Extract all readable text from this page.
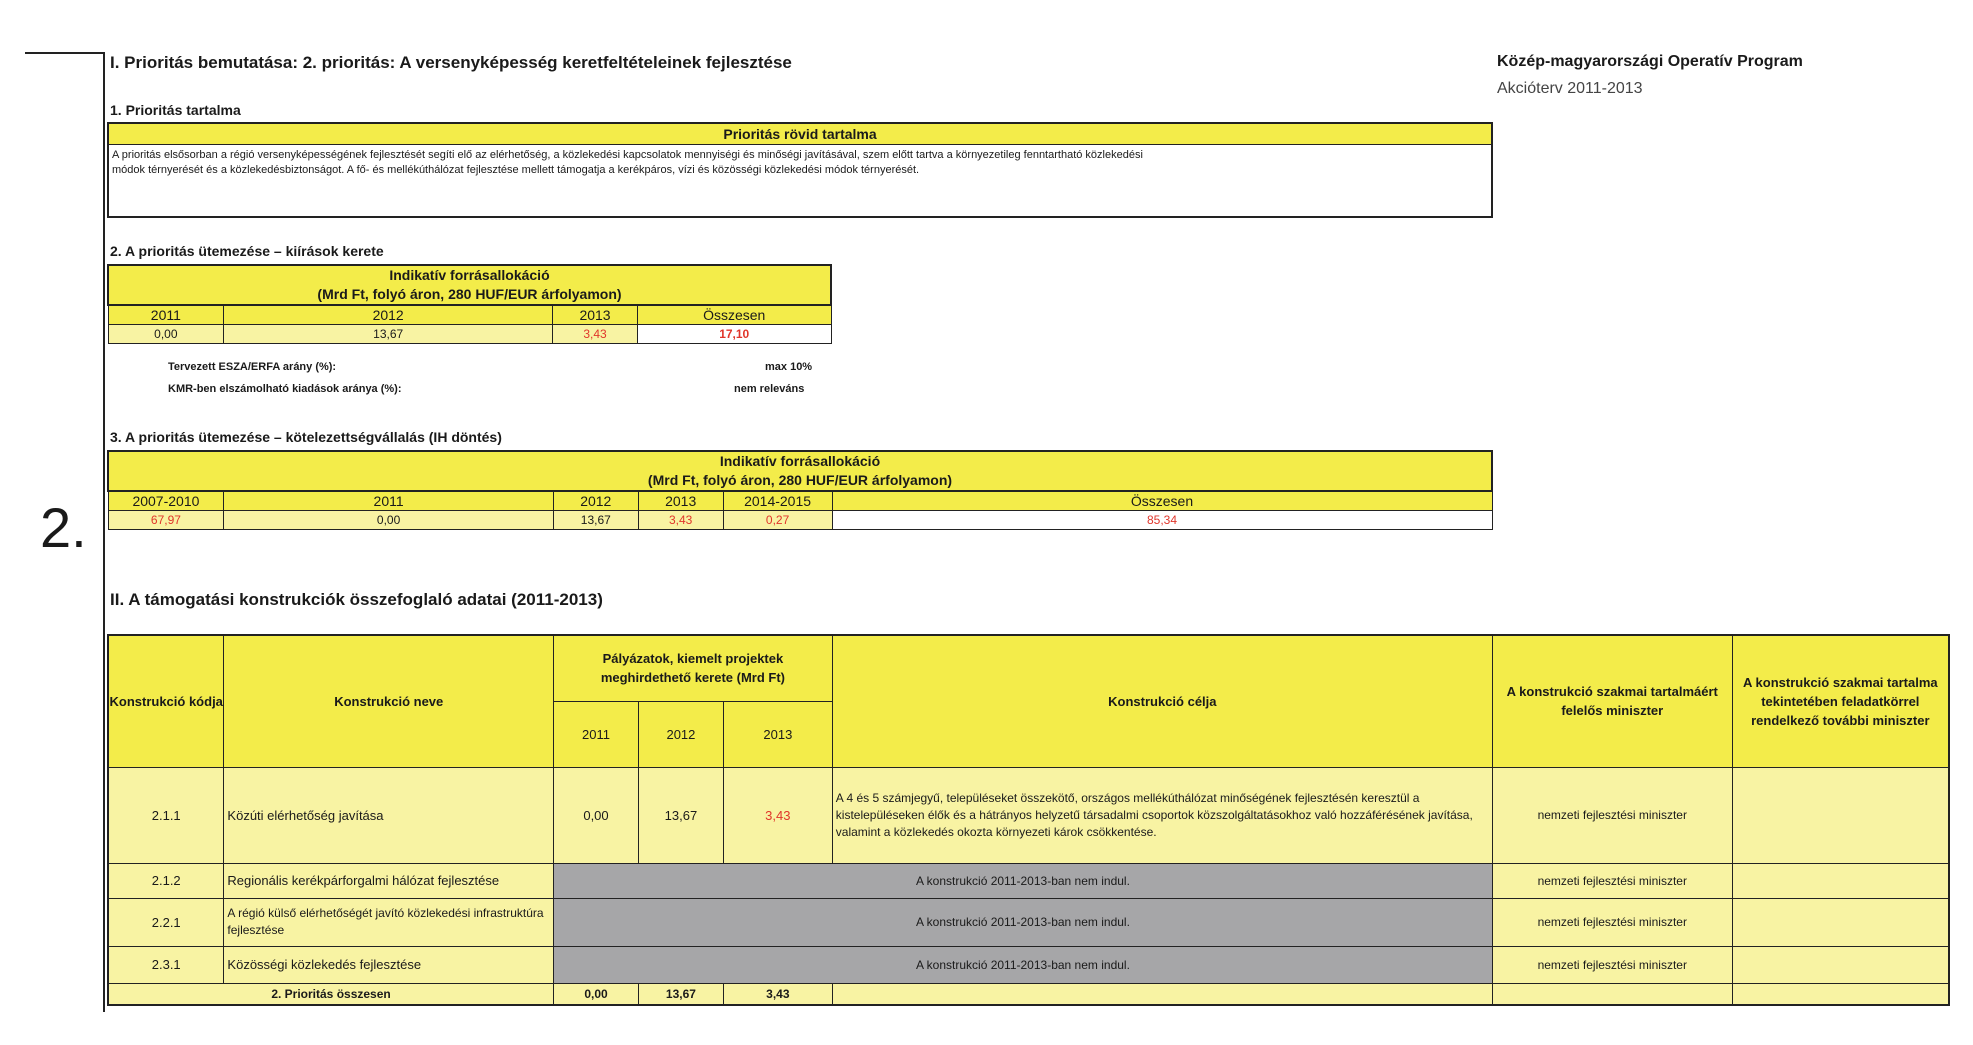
2.
I. Prioritás bemutatása: 2. prioritás: A versenyképesség keretfeltételeinek fejlesztése	Közép-magyarországi Operatív Program
Akcióterv 2011-2013
1. Prioritás tartalma
Prioritás rövid tartalma
A prioritás elsősorban a régió versenyképességének fejlesztését segíti elő az elérhetőség, a közlekedési kapcsolatok mennyiségi és minőségi javításával, szem előtt tartva a környezetileg fenntartható közlekedési
módok térnyerését és a közlekedésbiztonságot. A fő- és mellékúthálózat fejlesztése mellett támogatja a kerékpáros, vízi és közösségi közlekedési módok térnyerését.
2. A prioritás ütemezése – kiírások kerete
Indikatív forrásallokáció
(Mrd Ft, folyó áron, 280 HUF/EUR árfolyamon)			

2011	2012	2013	Összesen
0,00	13,67	3,43	17,10
Tervezett ESZA/ERFA arány (%):	max 10%
KMR-ben elszámolható kiadások aránya (%):	nem releváns
3. A prioritás ütemezése – kötelezettségvállalás (IH döntés)
Indikatív forrásallokáció
(Mrd Ft, folyó áron, 280 HUF/EUR árfolyamon)					

2007-2010	2011	2012	2013	2014-2015	Összesen
67,97	0,00	13,67	3,43	0,27	85,34
II. A támogatási konstrukciók összefoglaló adatai (2011-2013)
Konstrukció kódja	Konstrukció neve	Pályázatok, kiemelt projektek meghirdethető kerete (Mrd Ft)			Konstrukció célja	A konstrukció szakmai tartalmáért felelős miniszter	A konstrukció szakmai tartalma tekintetében feladatkörrel rendelkező további miniszter
		2011	2012	2013			
2.1.1	Közúti elérhetőség javítása	0,00	13,67	3,43	A 4 és 5 számjegyű, településeket összekötő, országos mellékúthálózat minőségének fejlesztésén keresztül a kistelepüléseken élők és a hátrányos helyzetű társadalmi csoportok közszolgáltatásokhoz való hozzáférésének javítása, valamint a közlekedés okozta környezeti károk csökkentése.	nemzeti fejlesztési miniszter	
2.1.2	Regionális kerékpárforgalmi hálózat fejlesztése	A konstrukció 2011-2013-ban nem indul.				nemzeti fejlesztési miniszter	
2.2.1	A régió külső elérhetőségét javító közlekedési infrastruktúra fejlesztése	A konstrukció 2011-2013-ban nem indul.				nemzeti fejlesztési miniszter	
2.3.1	Közösségi közlekedés fejlesztése	A konstrukció 2011-2013-ban nem indul.				nemzeti fejlesztési miniszter	
2. Prioritás összesen		0,00	13,67	3,43			
